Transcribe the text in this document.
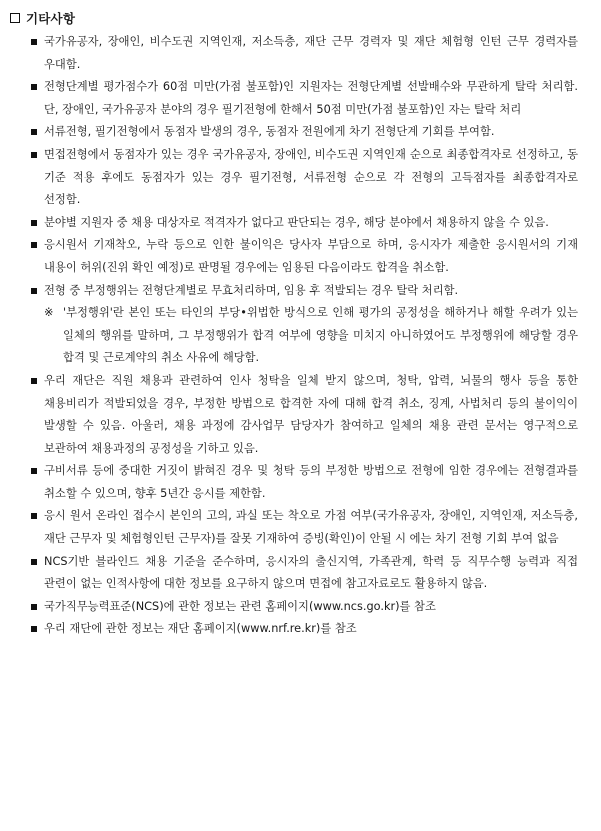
기타사항
국가유공자, 장애인, 비수도권 지역인재, 저소득층, 재단 근무 경력자 및 재단 체험형 인턴 근무 경력자를 우대함.
전형단계별 평가점수가 60점 미만(가점 불포함)인 지원자는 전형단계별 선발배수와 무관하게 탈락 처리함. 단, 장애인, 국가유공자 분야의 경우 필기전형에 한해서 50점 미만(가점 불포함)인 자는 탈락 처리
서류전형, 필기전형에서 동점자 발생의 경우, 동점자 전원에게 차기 전형단계 기회를 부여함.
면접전형에서 동점자가 있는 경우 국가유공자, 장애인, 비수도권 지역인재 순으로 최종합격자로 선정하고, 동 기준 적용 후에도 동점자가 있는 경우 필기전형, 서류전형 순으로 각 전형의 고득점자를 최종합격자로 선정함.
분야별 지원자 중 채용 대상자로 적격자가 없다고 판단되는 경우, 해당 분야에서 채용하지 않을 수 있음.
응시원서 기재착오, 누락 등으로 인한 불이익은 당사자 부담으로 하며, 응시자가 제출한 응시원서의 기재 내용이 허위(진위 확인 예정)로 판명될 경우에는 임용된 다음이라도 합격을 취소함.
전형 중 부정행위는 전형단계별로 무효처리하며, 임용 후 적발되는 경우 탈락 처리함.
※ '부정행위'란 본인 또는 타인의 부당•위법한 방식으로 인해 평가의 공정성을 해하거나 해할 우려가 있는 일체의 행위를 말하며, 그 부정행위가 합격 여부에 영향을 미치지 아니하였어도 부정행위에 해당할 경우 합격 및 근로계약의 취소 사유에 해당함.
우리 재단은 직원 채용과 관련하여 인사 청탁을 일체 받지 않으며, 청탁, 압력, 뇌물의 행사 등을 통한 채용비리가 적발되었을 경우, 부정한 방법으로 합격한 자에 대해 합격 취소, 징계, 사법처리 등의 불이익이 발생할 수 있음. 아울러, 채용 과정에 감사업무 담당자가 참여하고 일체의 채용 관련 문서는 영구적으로 보관하여 채용과정의 공정성을 기하고 있음.
구비서류 등에 중대한 거짓이 밝혀진 경우 및 청탁 등의 부정한 방법으로 전형에 임한 경우에는 전형결과를 취소할 수 있으며, 향후 5년간 응시를 제한함.
응시 원서 온라인 접수시 본인의 고의, 과실 또는 착오로 가점 여부(국가유공자, 장애인, 지역인재, 저소득층, 재단 근무자 및 체험형인턴 근무자)를 잘못 기재하여 증빙(확인)이 안될 시 에는 차기 전형 기회 부여 없음
NCS기반 블라인드 채용 기준을 준수하며, 응시자의 출신지역, 가족관계, 학력 등 직무수행 능력과 직접 관련이 없는 인적사항에 대한 정보를 요구하지 않으며 면접에 참고자료로도 활용하지 않음.
국가직무능력표준(NCS)에 관한 정보는 관련 홈페이지(www.ncs.go.kr)를 참조
우리 재단에 관한 정보는 재단 홈페이지(www.nrf.re.kr)를 참조
